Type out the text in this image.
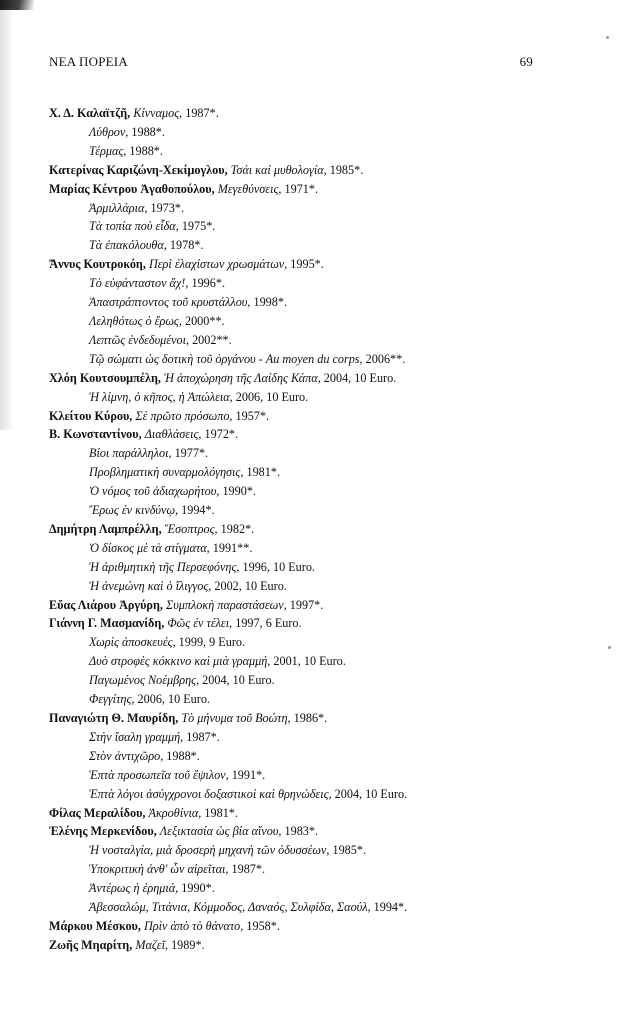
ΝΕΑ ΠΟΡΕΙΑ	69
Χ. Δ. Καλαϊτζῆ, Κίνναμος, 1987*.
Λύθρον, 1988*.
Τέρμας, 1988*.
Κατερίνας Καριζώνη-Χεκίμογλου, Τσάι καί μυθολογία, 1985*.
Μαρίας Κέντρου Ἀγαθοπούλου, Μεγεθύνσεις, 1971*.
Ἀρμιλλάρια, 1973*.
Τὰ τοπία ποὺ εἶδα, 1975*.
Τὰ ἐπακόλουθα, 1978*.
Ἄννυς Κουτροκόη, Περὶ ἐλαχίστων χρωσμάτων, 1995*.
Τὸ εὐφάνταστον ἄχ!, 1996*.
Ἀπαστράπτοντος τοῦ κρυστάλλου, 1998*.
Λεληθότως ὁ ἔρως, 2000**.
Λεπτῶς ἐνδεδυμένοι, 2002**.
Τῷ σώματι ὡς δοτικὴ τοῦ ὀργάνου - Au moyen du corps, 2006**.
Χλόη Κουτσουμπέλη, Ἡ ἀποχώρηση τῆς Λαίδης Κάπα, 2004, 10 Euro.
Ἡ λίμνη, ὁ κῆπος, ἡ Ἀπώλεια, 2006, 10 Euro.
Κλείτου Κύρου, Σὲ πρῶτο πρόσωπο, 1957*.
Β. Κωνσταντίνου, Διαθλάσεις, 1972*.
Βίοι παράλληλοι, 1977*.
Προβληματικὴ συναρμολόγησις, 1981*.
Ὁ νόμος τοῦ ἀδιαχωρήτου, 1990*.
Ἔρως ἐν κινδύνῳ, 1994*.
Δημήτρη Λαμπρέλλη, Ἔσοπτρος, 1982*.
Ὁ δίσκος μὲ τὰ στίγματα, 1991**.
Ἡ ἀριθμητικὴ τῆς Περσεφόνης, 1996, 10 Euro.
Ἡ ἀνεμώνη καὶ ὁ ἴλιγγος, 2002, 10 Euro.
Εὔας Λιάρου Ἀργύρη, Συμπλοκὴ παραστάσεων, 1997*.
Γιάννη Γ. Μασμανίδη, Φῶς ἐν τέλει, 1997, 6 Euro.
Χωρὶς ἀποσκευές, 1999, 9 Euro.
Δυὸ στροφὲς κόκκινο καὶ μιὰ γραμμή, 2001, 10 Euro.
Παγωμένος Νοέμβρης, 2004, 10 Euro.
Φεγγίτης, 2006, 10 Euro.
Παναγιώτη Θ. Μαυρίδη, Τὸ μήνυμα τοῦ Βοώτη, 1986*.
Στὴν ἴσαλη γραμμή, 1987*.
Στὸν ἀντιχῶρο, 1988*.
Ἑπτὰ προσωπεῖα τοῦ ἔψιλον, 1991*.
Ἑπτὰ λόγοι ἀσύγχρονοι δοξαστικοὶ καὶ θρηνώδεις, 2004, 10 Euro.
Φίλας Μεραλίδου, Ἀκροθίνια, 1981*.
Ἑλένης Μερκενίδου, Λεξικτασία ὡς βία αἴνου, 1983*.
Ἡ νοσταλγία, μιὰ δροσερὴ μηχανὴ τῶν ὀδυσσέων, 1985*.
Ὑποκριτικὴ ἀνθ' ὧν αἱρεῖται, 1987*.
Ἀντέρως ἡ ἐρημιά, 1990*.
Ἀβεσσαλώμ, Τιτάνια, Κόμμοδος, Δαναός, Συλφίδα, Σαούλ, 1994*.
Μάρκου Μέσκου, Πρὶν ἀπὸ τὸ θάνατο, 1958*.
Ζωῆς Μηαρίτη, Μαζεῖ, 1989*.
